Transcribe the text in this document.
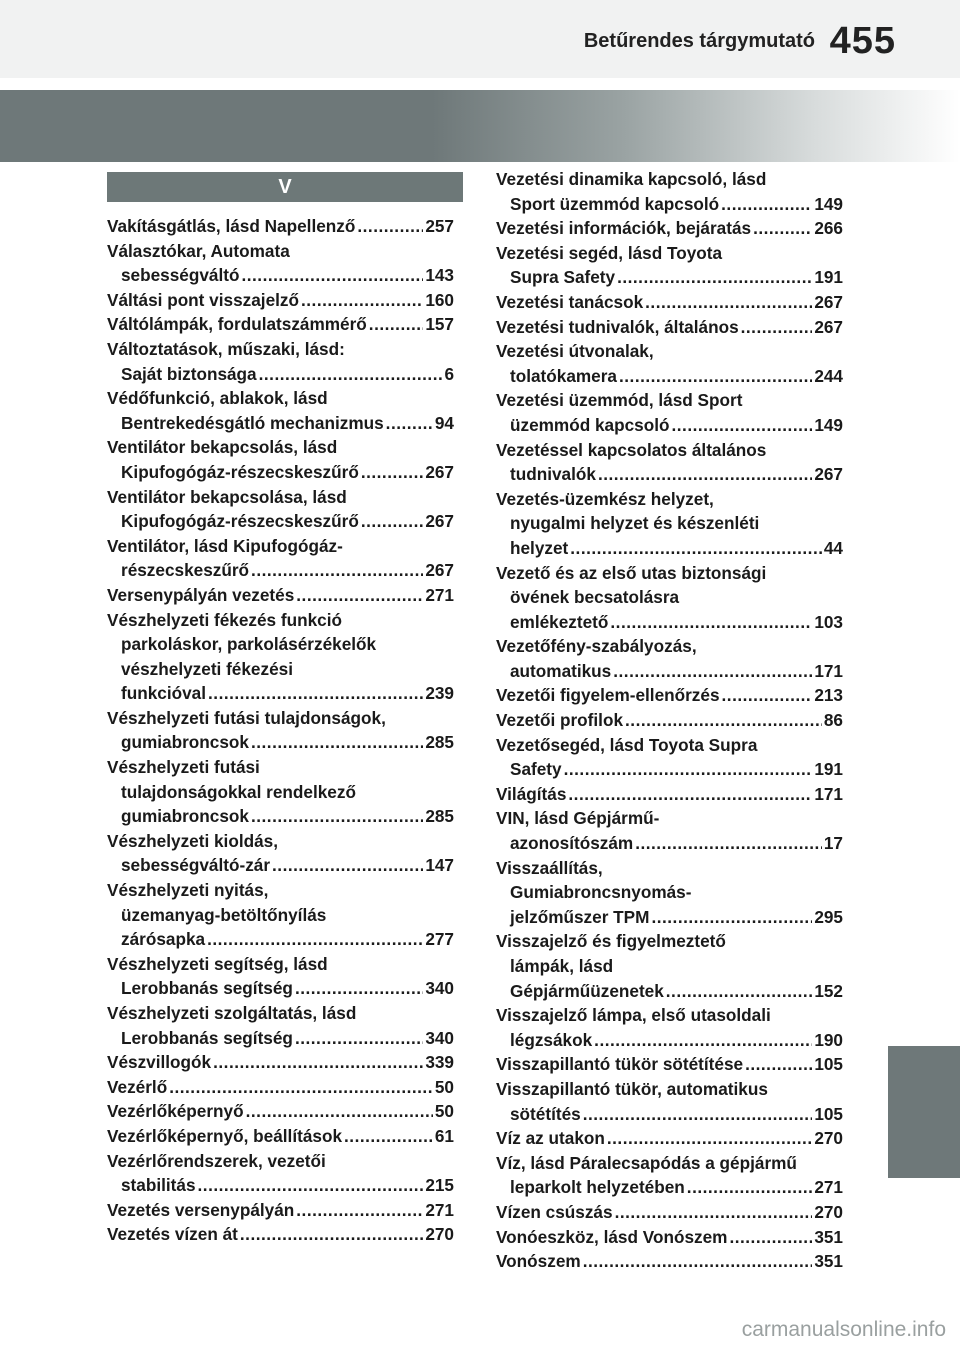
Betűrendes tárgymutató 455
V
Vakításgátlás, lásd Napellenző .....	257
Választókar, Automata
sebességváltó .....	143
Váltási pont visszajelző .....	160
Váltólámpák, fordulatszámmérő .....	157
Változtatások, műszaki, lásd:
Saját biztonsága .....	6
Védőfunkció, ablakok, lásd
Bentrekedésgátló mechanizmus .....	94
Ventilátor bekapcsolás, lásd
Kipufogógáz-részecskeszűrő .....	267
Ventilátor bekapcsolása, lásd
Kipufogógáz-részecskeszűrő .....	267
Ventilátor, lásd Kipufogógáz-
részecskeszűrő .....	267
Versenypályán vezetés .....	271
Vészhelyzeti fékezés funkció
parkoláskor, parkolásérzékelők
vészhelyzeti fékezési
funkcióval .....	239
Vészhelyzeti futási tulajdonságok,
gumiabroncsok .....	285
Vészhelyzeti futási
tulajdonságokkal rendelkező
gumiabroncsok .....	285
Vészhelyzeti kioldás,
sebességváltó-zár .....	147
Vészhelyzeti nyitás,
üzemanyag-betöltőnyílás
zárósapka .....	277
Vészhelyzeti segítség, lásd
Lerobbanás segítség .....	340
Vészhelyzeti szolgáltatás, lásd
Lerobbanás segítség .....	340
Vészvillogók .....	339
Vezérlő .....	50
Vezérlőképernyő .....	50
Vezérlőképernyő, beállítások .....	61
Vezérlőrendszerek, vezetői
stabilitás .....	215
Vezetés versenypályán .....	271
Vezetés vízen át .....	270
Vezetési dinamika kapcsoló, lásd
Sport üzemmód kapcsoló .....	149
Vezetési információk, bejáratás .....	266
Vezetési segéd, lásd Toyota
Supra Safety .....	191
Vezetési tanácsok .....	267
Vezetési tudnivalók, általános .....	267
Vezetési útvonalak,
tolatókamera .....	244
Vezetési üzemmód, lásd Sport
üzemmód kapcsoló .....	149
Vezetéssel kapcsolatos általános
tudnivalók .....	267
Vezetés-üzemkész helyzet,
nyugalmi helyzet és készenléti
helyzet .....	44
Vezető és az első utas biztonsági
övének becsatolásra
emlékeztető .....	103
Vezetőfény-szabályozás,
automatikus .....	171
Vezetői figyelem-ellenőrzés .....	213
Vezetői profilok .....	86
Vezetősegéd, lásd Toyota Supra
Safety .....	191
Világítás .....	171
VIN, lásd Gépjármű-
azonosítószám .....	17
Visszaállítás,
Gumiabroncsnyomás-
jelzőműszer TPM .....	295
Visszajelző és figyelmeztető
lámpák, lásd
Gépjárműüzenetek .....	152
Visszajelző lámpa, első utasoldali
légzsákok .....	190
Visszapillantó tükör sötétítése .....	105
Visszapillantó tükör, automatikus
sötétítés .....	105
Víz az utakon .....	270
Víz, lásd Páralecsapódás a gépjármű
leparkolt helyzetében .....	271
Vízen csúszás .....	270
Vonóeszköz, lásd Vonószem .....	351
Vonószem .....	351
carmanualsonline.info
